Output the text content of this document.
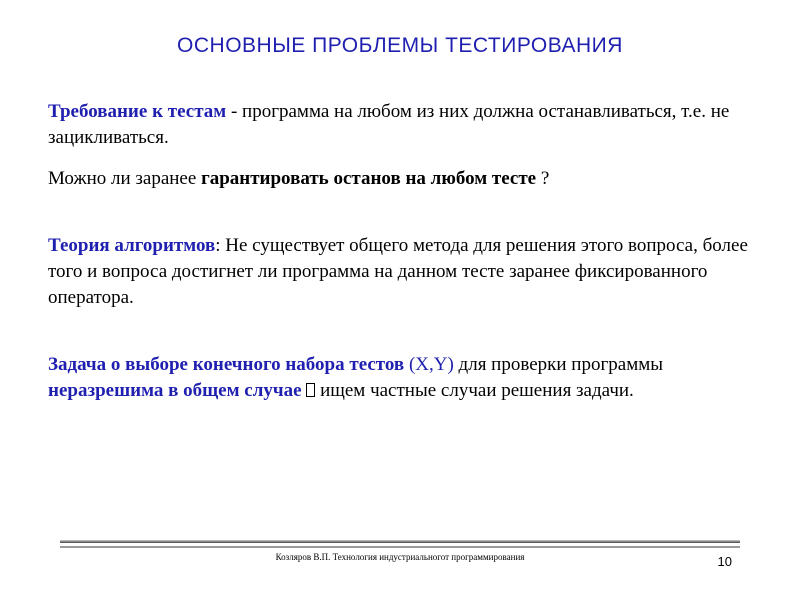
ОСНОВНЫЕ ПРОБЛЕМЫ ТЕСТИРОВАНИЯ
Требование к тестам - программа на любом из них должна останавливаться, т.е. не зацикливаться.
Можно ли заранее гарантировать останов на любом тесте ?
Теория алгоритмов: Не существует общего метода для решения этого вопроса, более того и вопроса достигнет ли программа на данном тесте заранее фиксированного оператора.
Задача о выборе конечного набора тестов (X,Y) для проверки программы неразрешима в общем случае  ищем частные случаи решения задачи.
Козляров В.П. Технология индустриальногот программирования	10
